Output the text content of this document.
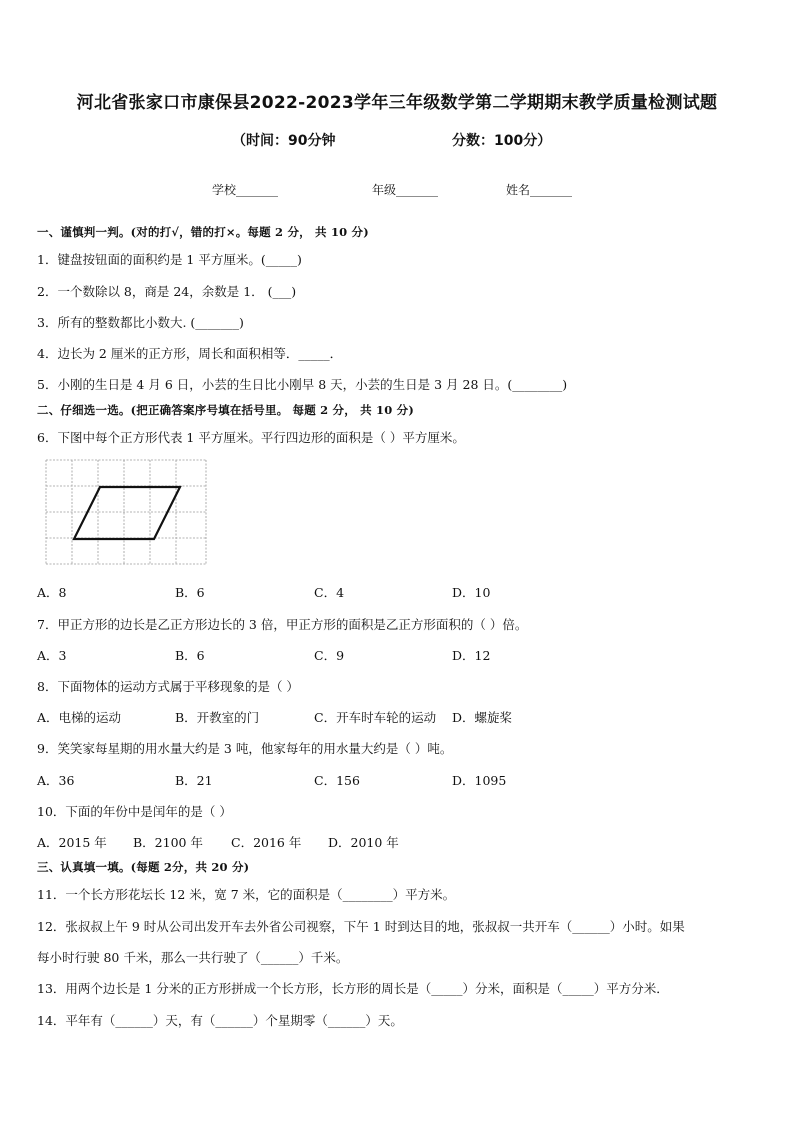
河北省张家口市康保县2022-2023学年三年级数学第二学期期末教学质量检测试题
（时间：90分钟	分数：100分）
学校_______	年级_______	姓名_______
一、谨慎判一判。(对的打√，错的打×。每题 2 分， 共 10 分)
1．键盘按钮面的面积约是 1 平方厘米。(_____)
2．一个数除以 8，商是 24，余数是 1． (___)
3．所有的整数都比小数大. (_______)
4．边长为 2 厘米的正方形，周长和面积相等．_____．
5．小刚的生日是 4 月 6 日，小芸的生日比小刚早 8 天，小芸的生日是 3 月 28 日。(________)
二、仔细选一选。(把正确答案序号填在括号里。 每题 2 分， 共 10 分)
6．下图中每个正方形代表 1 平方厘米。平行四边形的面积是（ ）平方厘米。
A．8	B．6	C．4	D．10
7．甲正方形的边长是乙正方形边长的 3 倍，甲正方形的面积是乙正方形面积的（ ）倍。
A．3	B．6	C．9	D．12
8．下面物体的运动方式属于平移现象的是（ ）
A．电梯的运动	B．开教室的门	C．开车时车轮的运动 D．螺旋桨
9．笑笑家每星期的用水量大约是 3 吨，他家每年的用水量大约是（ ）吨。
A．36	B．21	C．156	D．1095
10．下面的年份中是闰年的是（ ）
A．2015 年 B．2100 年 C．2016 年 D．2010 年
三、认真填一填。(每题 2分，共 20 分)
11．一个长方形花坛长 12 米，宽 7 米，它的面积是（________）平方米。
12．张叔叔上午 9 时从公司出发开车去外省公司视察，下午 1 时到达目的地，张叔叔一共开车（______）小时。如果
每小时行驶 80 千米，那么一共行驶了（______）千米。
13．用两个边长是 1 分米的正方形拼成一个长方形，长方形的周长是（_____）分米，面积是（_____）平方分米．
14．平年有（______）天，有（______）个星期零（______）天。
